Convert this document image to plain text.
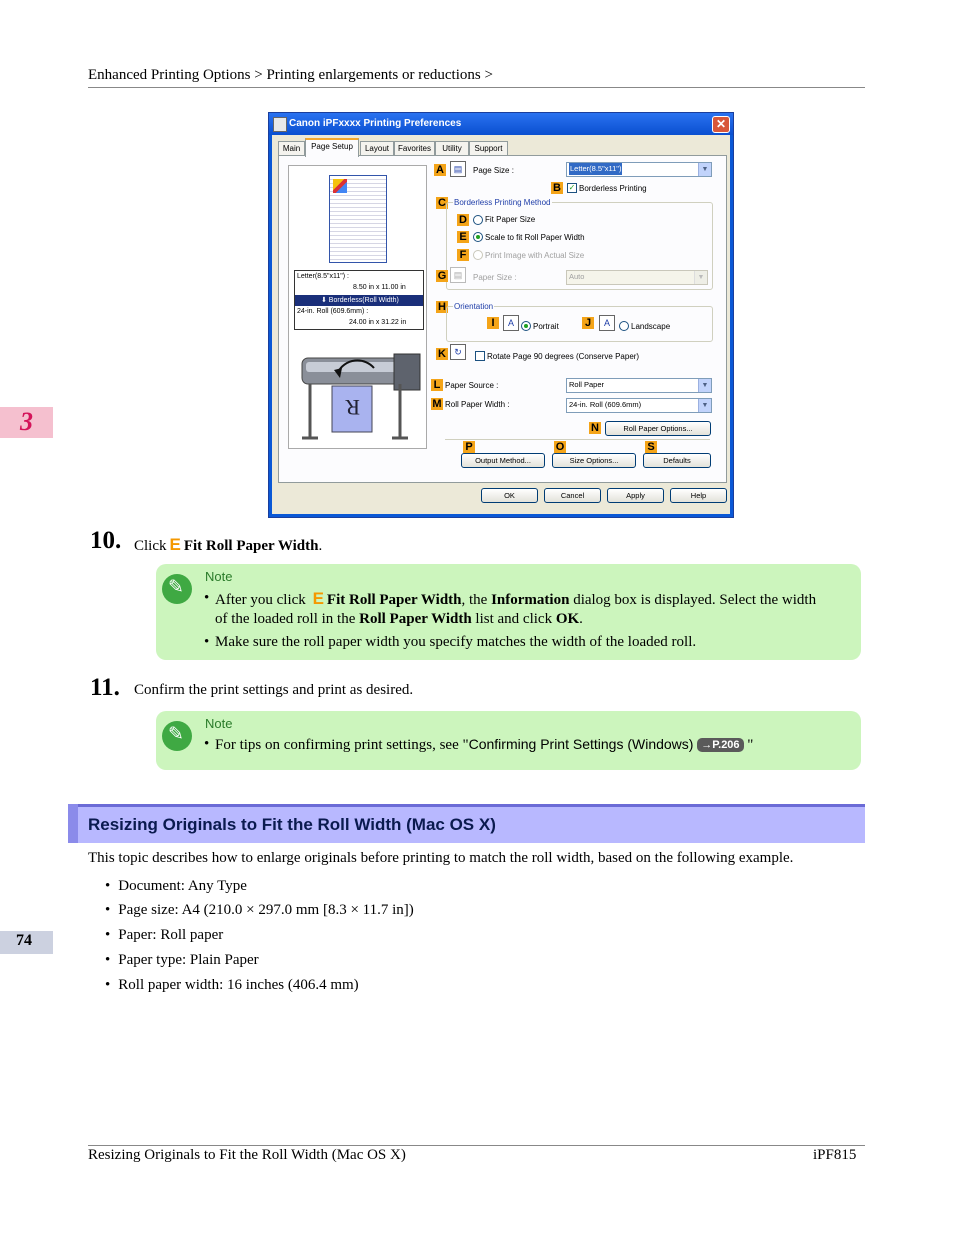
Enhanced Printing Options > Printing enlargements or reductions >
3
74
Canon iPFxxxx Printing Preferences	✕
Main	Page Setup	Layout	Favorites	Utility	Support
Letter(8.5"x11") :
8.50 in x 11.00 in
⬇ Borderless(Roll Width)
24-in. Roll (609.6mm) :
24.00 in x 31.22 in
R
A	▤	Page Size :	Letter(8.5"x11")	▼
B ✓ Borderless Printing
C Borderless Printing Method
D Fit Paper Size
E Scale to fit Roll Paper Width
F	Print Image with Actual Size
G ▤	Paper Size :	Auto	▼
H Orientation
I	A	Portrait J	A	Landscape
K ↻	Rotate Page 90 degrees (Conserve Paper)
L Paper Source :	Roll Paper	▼
M Roll Paper Width :	24-in. Roll (609.6mm)	▼
N	Roll Paper Options...
P	O	S
Output Method...	Size Options...	Defaults
OK	Cancel	Apply	Help
10. Click E Fit Roll Paper Width.
✎
Note
• After you click E Fit Roll Paper Width, the Information dialog box is displayed. Select the width
of the loaded roll in the Roll Paper Width list and click OK.
• Make sure the roll paper width you specify matches the width of the loaded roll.
11. Confirm the print settings and print as desired.
✎
Note
• For tips on confirming print settings, see "Confirming Print Settings (Windows) →P.206 "
Resizing Originals to Fit the Roll Width (Mac OS X)
This topic describes how to enlarge originals before printing to match the roll width, based on the following example.
• Document: Any Type
• Page size: A4 (210.0 × 297.0 mm [8.3 × 11.7 in])
• Paper: Roll paper
• Paper type: Plain Paper
• Roll paper width: 16 inches (406.4 mm)
Resizing Originals to Fit the Roll Width (Mac OS X)	iPF815
